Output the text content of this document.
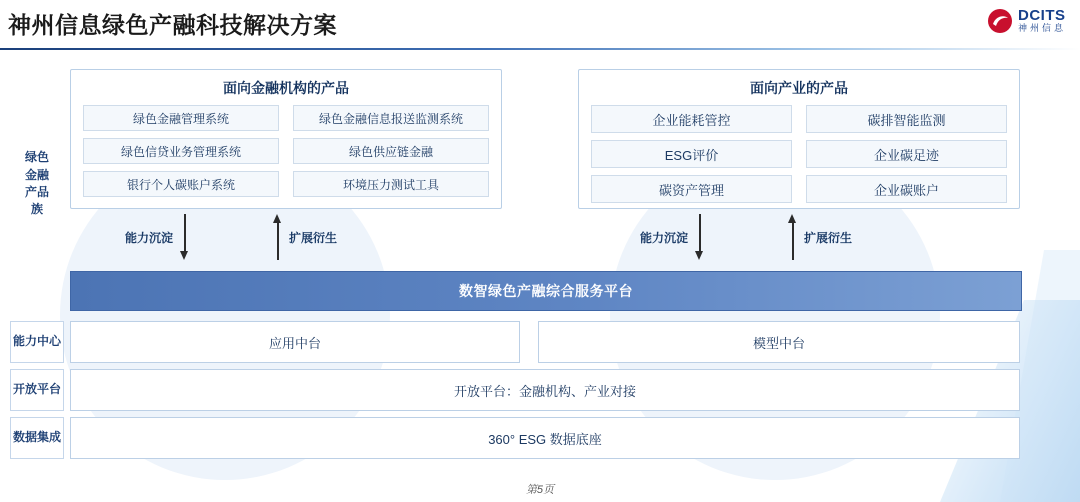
神州信息绿色产融科技解决方案	DCITS
神州信息
绿色金融产品族
能力中心
开放平台
数据集成
面向金融机构的产品
绿色金融管理系统	绿色金融信息报送监测系统
绿色信贷业务管理系统	绿色供应链金融
银行个人碳账户系统	环境压力测试工具
面向产业的产品
企业能耗管控	碳排智能监测
ESG评价	企业碳足迹
碳资产管理	企业碳账户
能力沉淀	扩展衍生	能力沉淀	扩展衍生
数智绿色产融综合服务平台
应用中台	模型中台
开放平台：金融机构、产业对接
360° ESG 数据底座
第5页
